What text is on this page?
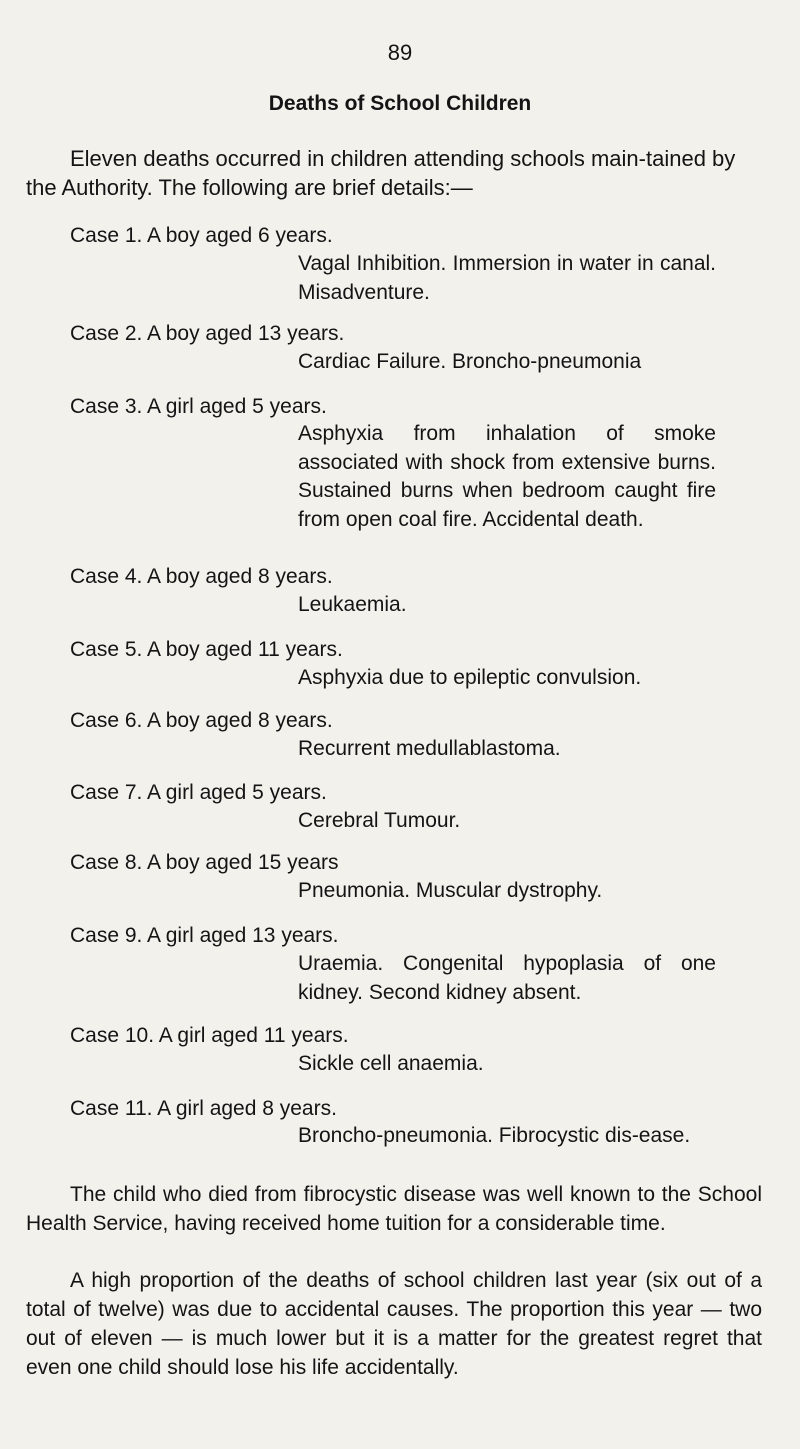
89
Deaths of School Children
Eleven deaths occurred in children attending schools main-tained by the Authority. The following are brief details:—
Case 1. A boy aged 6 years.
Vagal Inhibition. Immersion in water in canal. Misadventure.
Case 2. A boy aged 13 years.
Cardiac Failure. Broncho-pneumonia
Case 3. A girl aged 5 years.
Asphyxia from inhalation of smoke associated with shock from extensive burns. Sustained burns when bedroom caught fire from open coal fire. Accidental death.
Case 4. A boy aged 8 years.
Leukaemia.
Case 5. A boy aged 11 years.
Asphyxia due to epileptic convulsion.
Case 6. A boy aged 8 years.
Recurrent medullablastoma.
Case 7. A girl aged 5 years.
Cerebral Tumour.
Case 8. A boy aged 15 years
Pneumonia. Muscular dystrophy.
Case 9. A girl aged 13 years.
Uraemia. Congenital hypoplasia of one kidney. Second kidney absent.
Case 10. A girl aged 11 years.
Sickle cell anaemia.
Case 11. A girl aged 8 years.
Broncho-pneumonia. Fibrocystic dis-ease.
The child who died from fibrocystic disease was well known to the School Health Service, having received home tuition for a considerable time.
A high proportion of the deaths of school children last year (six out of a total of twelve) was due to accidental causes. The proportion this year — two out of eleven — is much lower but it is a matter for the greatest regret that even one child should lose his life accidentally.
